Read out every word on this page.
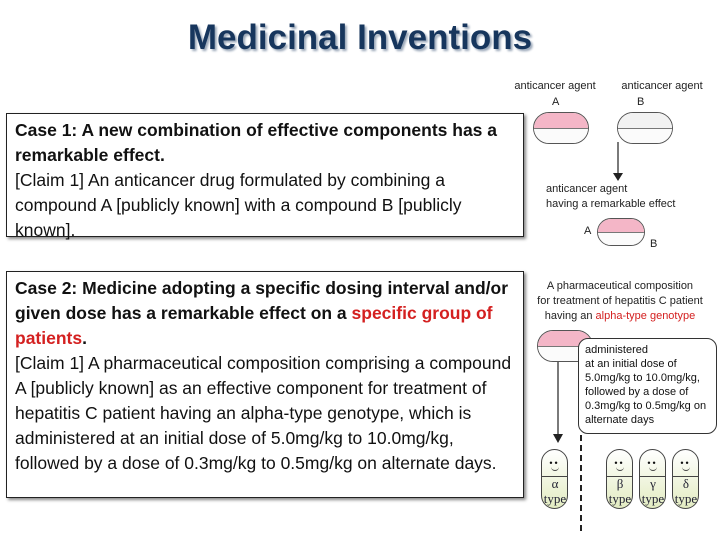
Medicinal Inventions
Case 1: A new combination of effective components has a remarkable effect.
[Claim 1] An anticancer drug formulated by combining a compound A [publicly known] with a compound B [publicly known].
Case 2: Medicine adopting a specific dosing interval and/or given dose has a remarkable effect on a specific group of patients.
[Claim 1] A pharmaceutical composition comprising a compound A [publicly known] as an effective component for treatment of hepatitis C patient having an alpha-type genotype, which is administered at an initial dose of 5.0mg/kg to 10.0mg/kg, followed by a dose of 0.3mg/kg to 0.5mg/kg on alternate days.
anticancer agent	anticancer agent
A	B
anticancer agent
having a remarkable effect
A
B
A pharmaceutical composition
for treatment of hepatitis C patient
having an alpha-type genotype
administered
at an initial dose of 5.0mg/kg to 10.0mg/kg, followed by a dose of 0.3mg/kg to 0.5mg/kg on alternate days
••
α
type
••
β
type
••
γ
type
••
δ
type
